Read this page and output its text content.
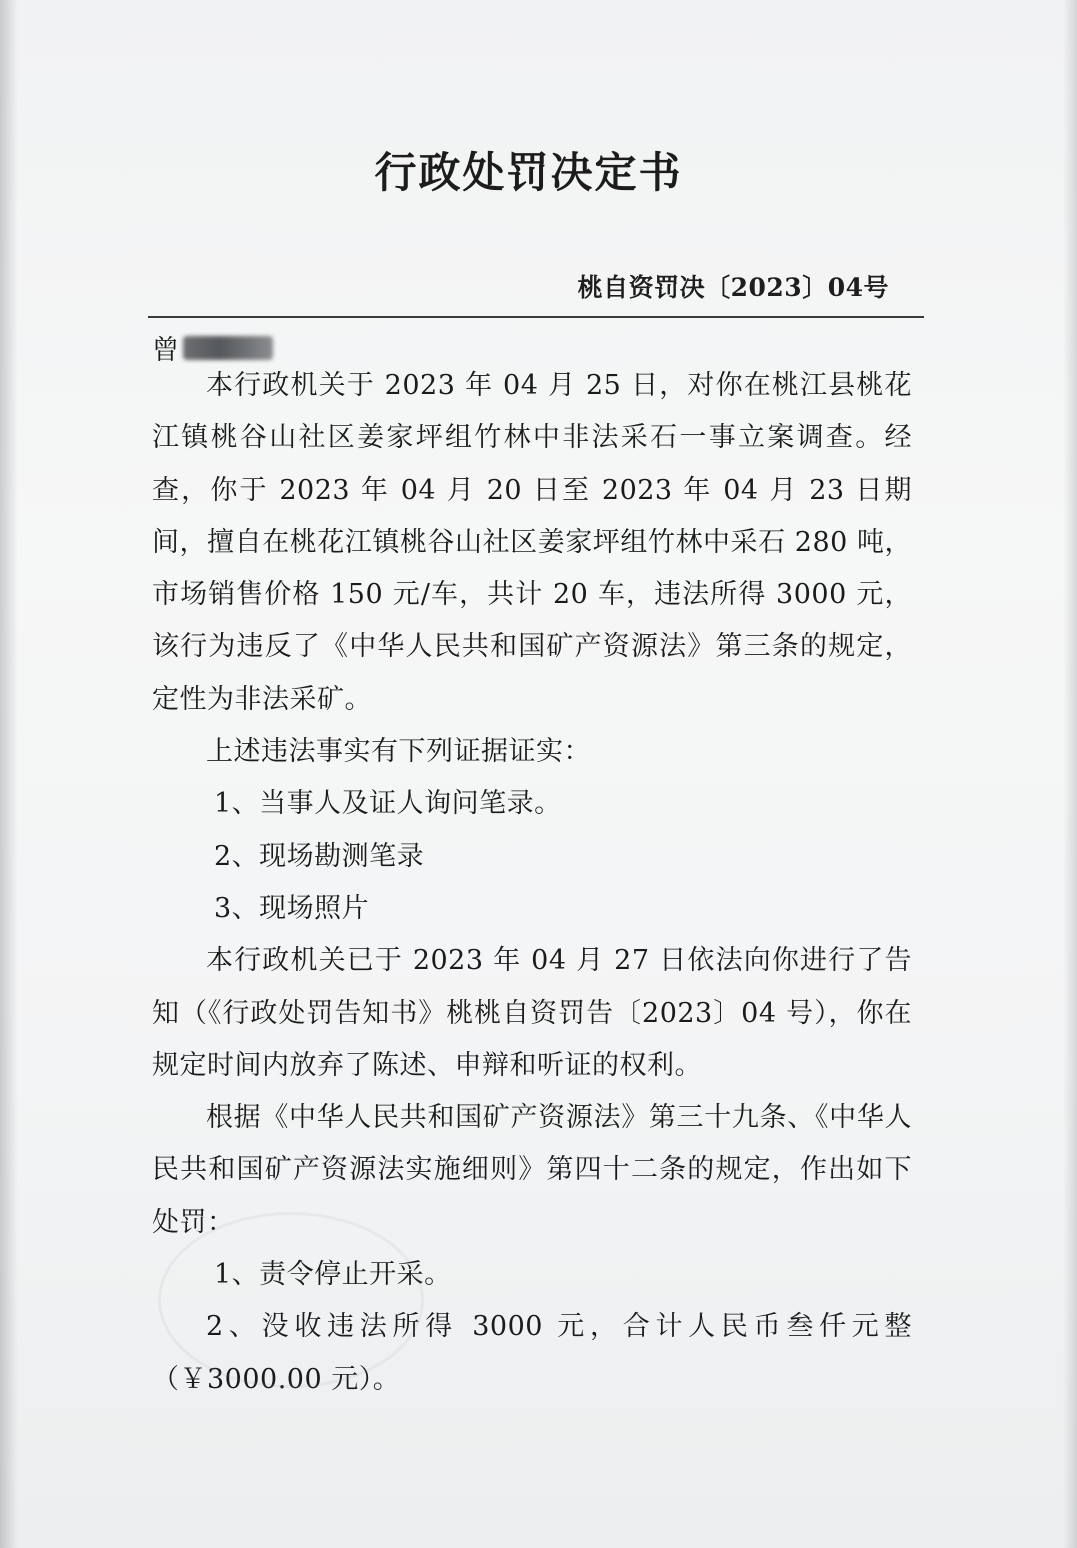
行政处罚决定书
桃自资罚决〔2023〕04号
曾

本行政机关于 2023 年 04 月 25 日，对你在桃江县桃花江镇桃谷山社区姜家坪组竹林中非法采石一事立案调查。经查，你于 2023 年 04 月 20 日至 2023 年 04 月 23 日期间，擅自在桃花江镇桃谷山社区姜家坪组竹林中采石 280 吨，市场销售价格 150 元/车，共计 20 车，违法所得 3000 元，该行为违反了《中华人民共和国矿产资源法》第三条的规定，定性为非法采矿。

上述违法事实有下列证据证实：

1、当事人及证人询问笔录。

2、现场勘测笔录

3、现场照片

本行政机关已于 2023 年 04 月 27 日依法向你进行了告知（《行政处罚告知书》桃桃自资罚告〔2023〕04 号），你在规定时间内放弃了陈述、申辩和听证的权利。

根据《中华人民共和国矿产资源法》第三十九条、《中华人民共和国矿产资源法实施细则》第四十二条的规定，作出如下处罚：

1、责令停止开采。

2、没收违法所得 3000 元，合计人民币叁仟元整（￥3000.00 元）。
